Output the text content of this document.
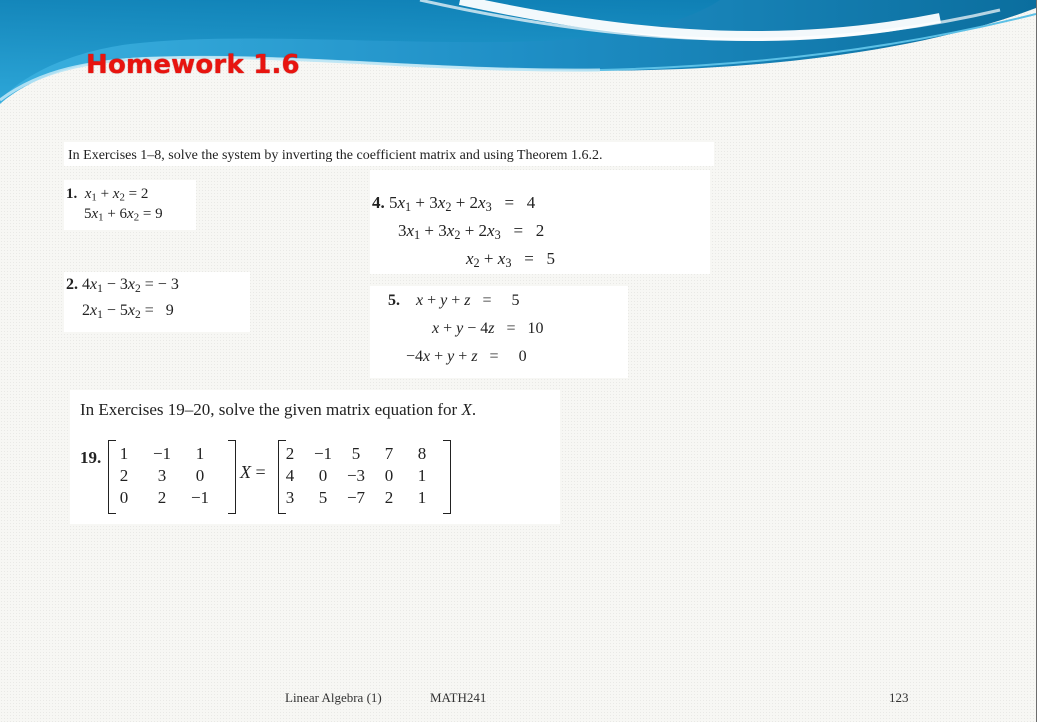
Homework 1.6
In Exercises 1–8, solve the system by inverting the coefficient matrix and using Theorem 1.6.2.
1. $x_1 + x_2 = 2$
$5x_1 + 6x_2 = 9$
4. $5x_1 + 3x_2 + 2x_3 = 4$
$3x_1 + 3x_2 + 2x_3 = 2$
$x_2 + x_3 = 5$
2. $4x_1 - 3x_2$ = − 3
$2x_1 - 5x_2 = 9$
5. x + y + z   =     5
x + y − 4z   =   10
−4x + y + z   =     0
In Exercises 19–20, solve the given matrix equation for X.
19.	1	−1	1
2	3	0
0	2	−1
X =
2	−1	5	7	8
4	0	−3	0	1
3	5	−7	2	1
Linear Algebra (1)	MATH241	123
